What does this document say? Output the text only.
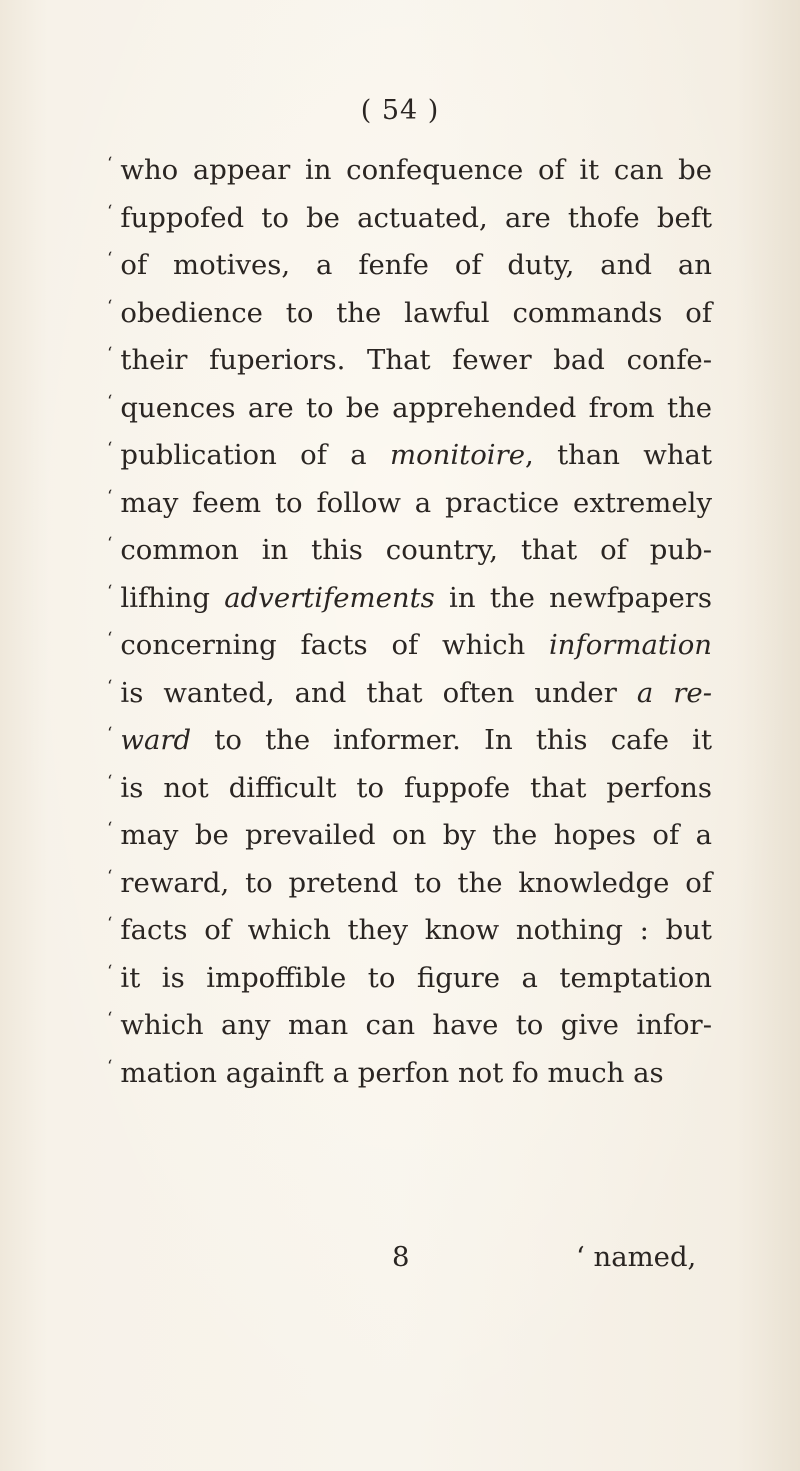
( 54 )
‘ who appear in confequence of it can be
‘ fuppofed to be actuated, are thofe beft
‘ of motives, a fenfe of duty, and an
‘ obedience to the lawful commands of
‘ their fuperiors. That fewer bad confe-
‘ quences are to be apprehended from the
‘ publication of a monitoire, than what
‘ may feem to follow a practice extremely
‘ common in this country, that of pub-
‘ lifhing advertifements in the newfpapers
‘ concerning facts of which information
‘ is wanted, and that often under a re-
‘ ward to the informer. In this cafe it
‘ is not difficult to fuppofe that perfons
‘ may be prevailed on by the hopes of a
‘ reward, to pretend to the knowledge of
‘ facts of which they know nothing : but
‘ it is impoffible to figure a temptation
‘ which any man can have to give infor-
‘ mation againft a perfon not fo much as
8	‘ named,
